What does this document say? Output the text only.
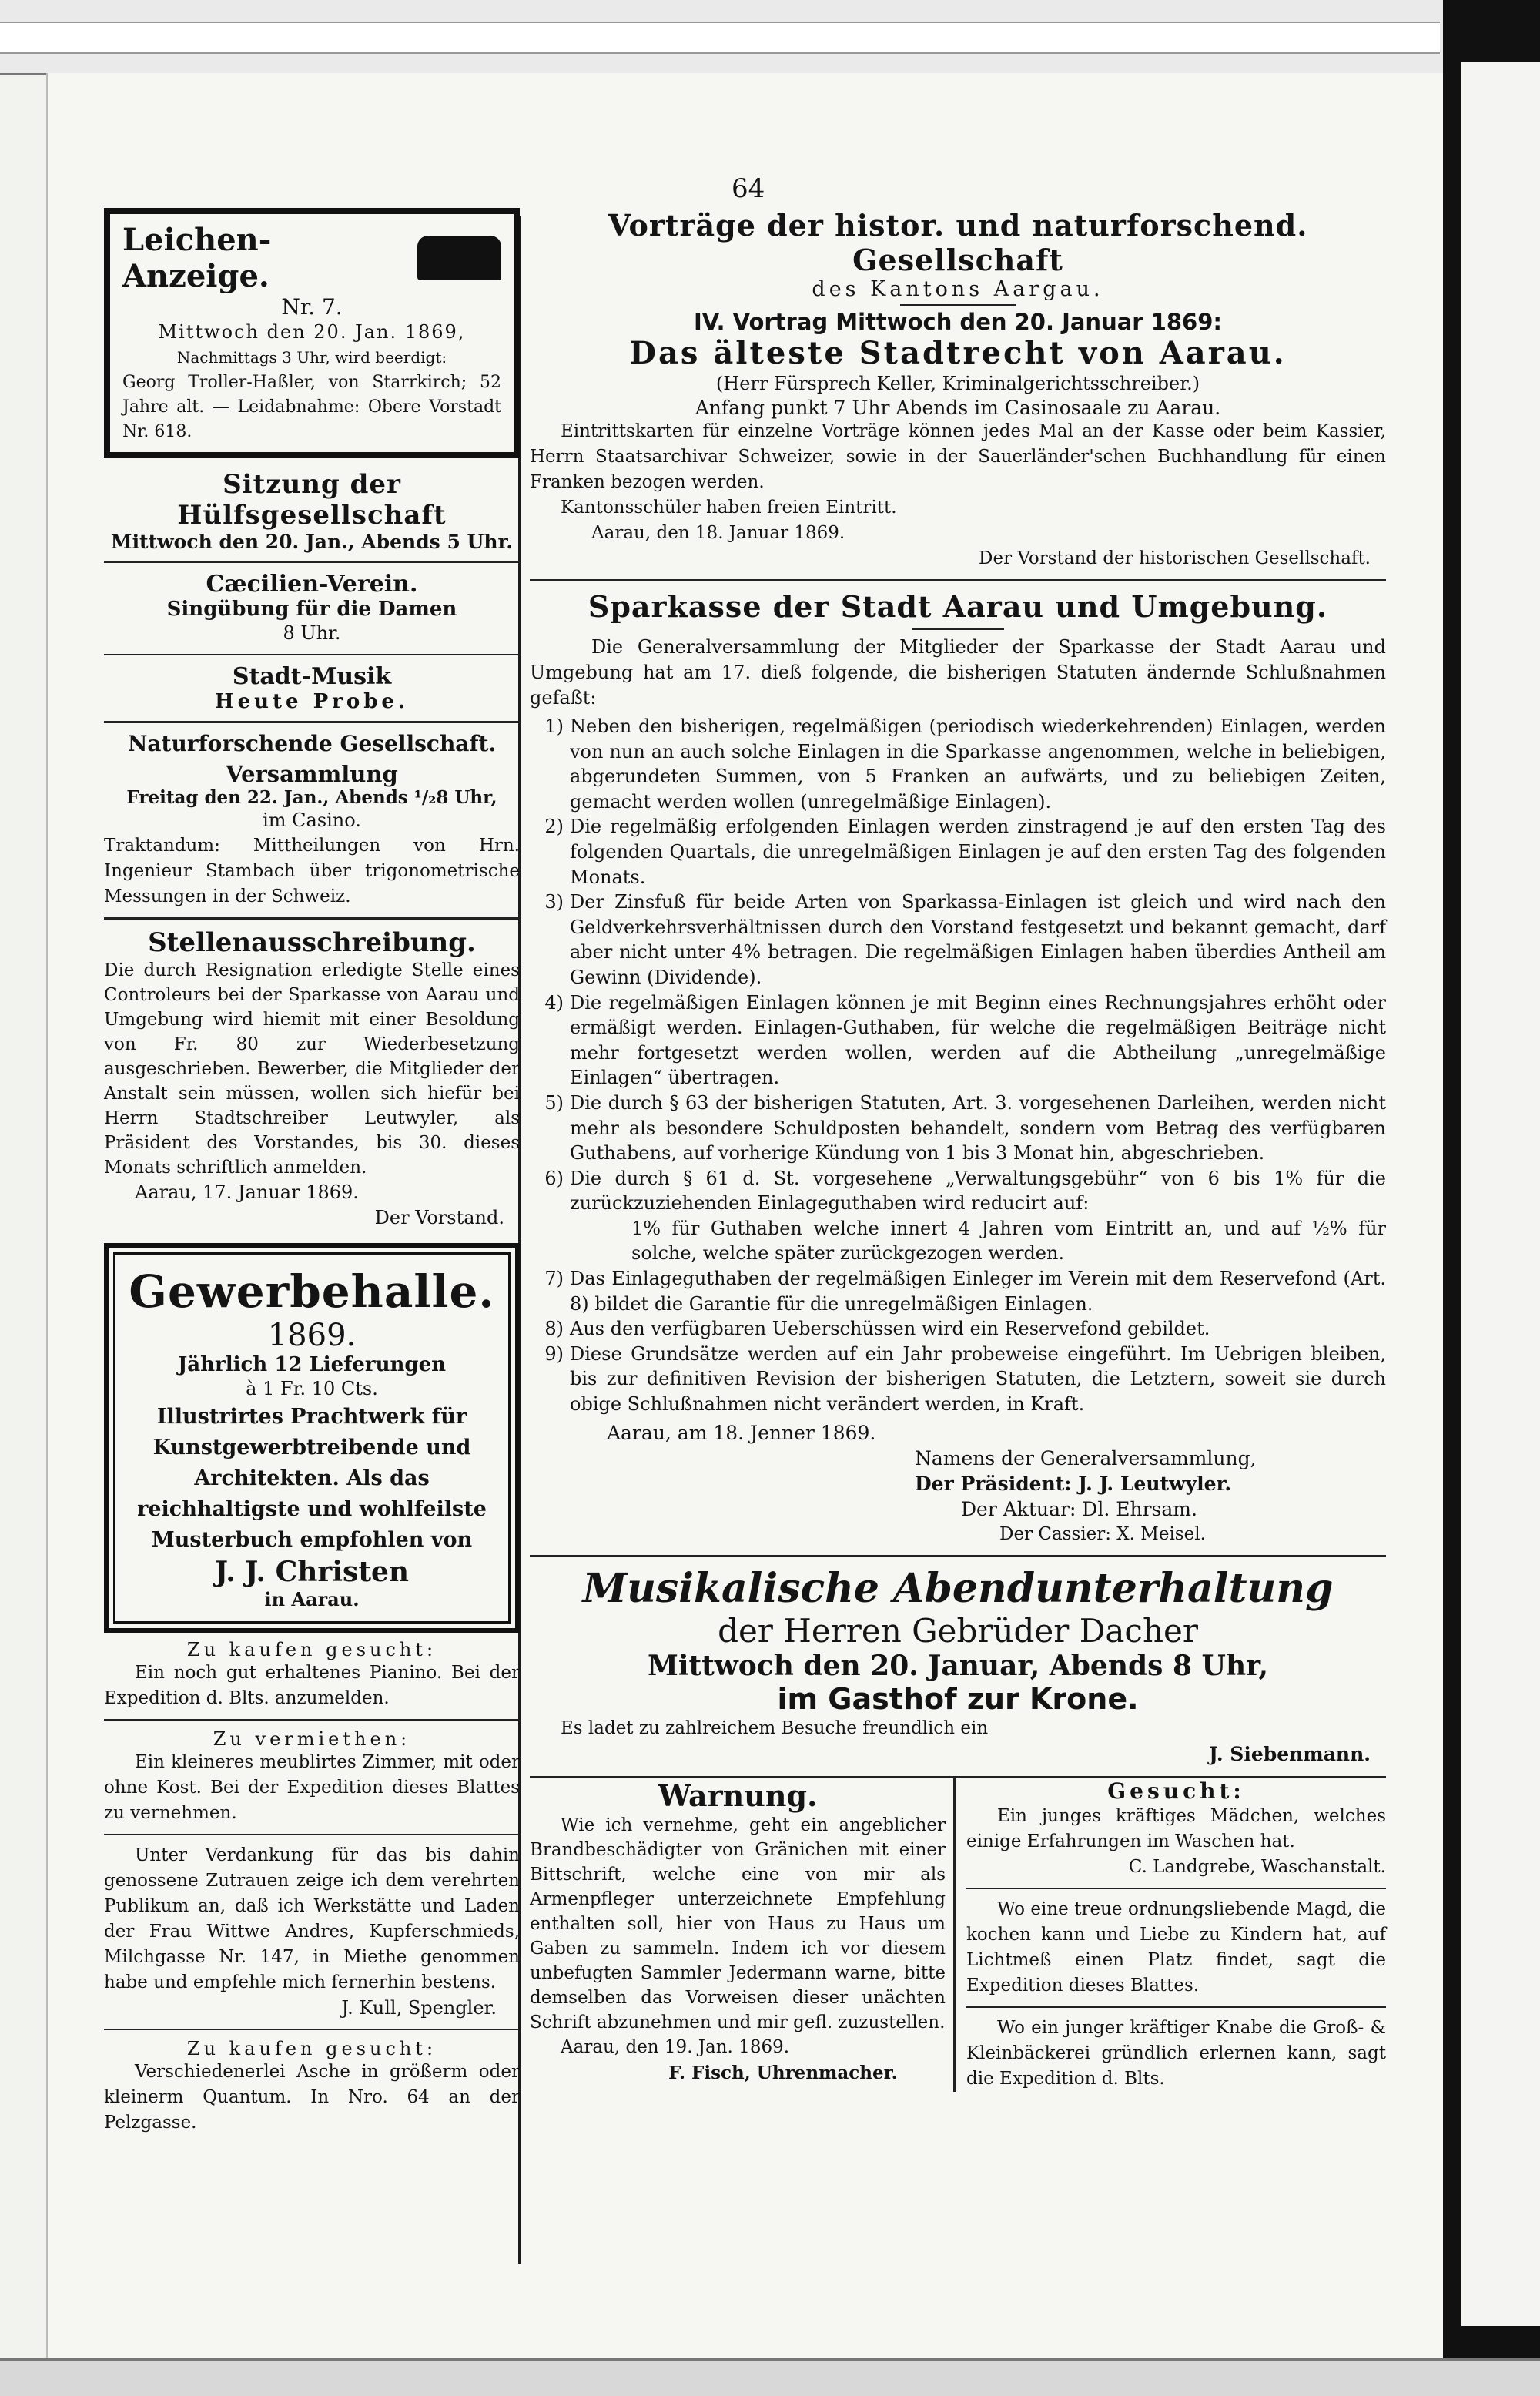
64
Leichen-Anzeige.
Nr. 7.
Mittwoch den 20. Jan. 1869,
Nachmittags 3 Uhr, wird beerdigt:
Georg Troller-Haßler, von Starrkirch; 52 Jahre alt. — Leidabnahme: Obere Vorstadt Nr. 618.
Sitzung der Hülfsgesellschaft
Mittwoch den 20. Jan., Abends 5 Uhr.
Cæcilien-Verein.
Singübung für die Damen
8 Uhr.
Stadt-Musik
Heute Probe.
Naturforschende Gesellschaft.
Versammlung
Freitag den 22. Jan., Abends ¹/₂8 Uhr,
im Casino.
Traktandum: Mittheilungen von Hrn. Ingenieur Stambach über trigonometrische Messungen in der Schweiz.
Stellenausschreibung.
Die durch Resignation erledigte Stelle eines Controleurs bei der Sparkasse von Aarau und Umgebung wird hiemit mit einer Besoldung von Fr. 80 zur Wiederbesetzung ausgeschrieben. Bewerber, die Mitglieder der Anstalt sein müssen, wollen sich hiefür bei Herrn Stadtschreiber Leutwyler, als Präsident des Vorstandes, bis 30. dieses Monats schriftlich anmelden.
Aarau, 17. Januar 1869.
Der Vorstand.
Gewerbehalle.
1869.
Jährlich 12 Lieferungen
à 1 Fr. 10 Cts.
Illustrirtes Prachtwerk für Kunstgewerbtreibende und Architekten. Als das reichhaltigste und wohlfeilste Musterbuch empfohlen von
J. J. Christen
in Aarau.
Zu kaufen gesucht:
Ein noch gut erhaltenes Pianino. Bei der Expedition d. Blts. anzumelden.
Zu vermiethen:
Ein kleineres meublirtes Zimmer, mit oder ohne Kost. Bei der Expedition dieses Blattes zu vernehmen.
Unter Verdankung für das bis dahin genossene Zutrauen zeige ich dem verehrten Publikum an, daß ich Werkstätte und Laden der Frau Wittwe Andres, Kupferschmieds, Milchgasse Nr. 147, in Miethe genommen habe und empfehle mich fernerhin bestens.
J. Kull, Spengler.
Zu kaufen gesucht:
Verschiedenerlei Asche in größerm oder kleinerm Quantum. In Nro. 64 an der Pelzgasse.
Vorträge der histor. und naturforschend. Gesellschaft
des Kantons Aargau.
IV. Vortrag Mittwoch den 20. Januar 1869:
Das älteste Stadtrecht von Aarau.
(Herr Fürsprech Keller, Kriminalgerichtsschreiber.)
Anfang punkt 7 Uhr Abends im Casinosaale zu Aarau.
Eintrittskarten für einzelne Vorträge können jedes Mal an der Kasse oder beim Kassier, Herrn Staatsarchivar Schweizer, sowie in der Sauerländer'schen Buchhandlung für einen Franken bezogen werden.
Kantonsschüler haben freien Eintritt.
Aarau, den 18. Januar 1869.
Der Vorstand der historischen Gesellschaft.
Sparkasse der Stadt Aarau und Umgebung.
Die Generalversammlung der Mitglieder der Sparkasse der Stadt Aarau und Umgebung hat am 17. dieß folgende, die bisherigen Statuten ändernde Schlußnahmen gefaßt:
1) Neben den bisherigen, regelmäßigen (periodisch wiederkehrenden) Einlagen, werden von nun an auch solche Einlagen in die Sparkasse angenommen, welche in beliebigen, abgerundeten Summen, von 5 Franken an aufwärts, und zu beliebigen Zeiten, gemacht werden wollen (unregelmäßige Einlagen).
2) Die regelmäßig erfolgenden Einlagen werden zinstragend je auf den ersten Tag des folgenden Quartals, die unregelmäßigen Einlagen je auf den ersten Tag des folgenden Monats.
3) Der Zinsfuß für beide Arten von Sparkassa-Einlagen ist gleich und wird nach den Geldverkehrsverhältnissen durch den Vorstand festgesetzt und bekannt gemacht, darf aber nicht unter 4% betragen. Die regelmäßigen Einlagen haben überdies Antheil am Gewinn (Dividende).
4) Die regelmäßigen Einlagen können je mit Beginn eines Rechnungsjahres erhöht oder ermäßigt werden. Einlagen-Guthaben, für welche die regelmäßigen Beiträge nicht mehr fortgesetzt werden wollen, werden auf die Abtheilung „unregelmäßige Einlagen“ übertragen.
5) Die durch § 63 der bisherigen Statuten, Art. 3. vorgesehenen Darleihen, werden nicht mehr als besondere Schuldposten behandelt, sondern vom Betrag des verfügbaren Guthabens, auf vorherige Kündung von 1 bis 3 Monat hin, abgeschrieben.
6) Die durch § 61 d. St. vorgesehene „Verwaltungsgebühr“ von 6 bis 1% für die zurückzuziehenden Einlageguthaben wird reducirt auf:
1% für Guthaben welche innert 4 Jahren vom Eintritt an, und auf ½% für solche, welche später zurückgezogen werden.
7) Das Einlageguthaben der regelmäßigen Einleger im Verein mit dem Reservefond (Art. 8) bildet die Garantie für die unregelmäßigen Einlagen.
8) Aus den verfügbaren Ueberschüssen wird ein Reservefond gebildet.
9) Diese Grundsätze werden auf ein Jahr probeweise eingeführt. Im Uebrigen bleiben, bis zur definitiven Revision der bisherigen Statuten, die Letztern, soweit sie durch obige Schlußnahmen nicht verändert werden, in Kraft.
Aarau, am 18. Jenner 1869.
Namens der Generalversammlung,
Der Präsident: J. J. Leutwyler.
Der Aktuar: Dl. Ehrsam.
Der Cassier: X. Meisel.
Musikalische Abendunterhaltung
der Herren Gebrüder Dacher
Mittwoch den 20. Januar, Abends 8 Uhr,
im Gasthof zur Krone.
Es ladet zu zahlreichem Besuche freundlich ein
J. Siebenmann.
Warnung.
Wie ich vernehme, geht ein angeblicher Brandbeschädigter von Gränichen mit einer Bittschrift, welche eine von mir als Armenpfleger unterzeichnete Empfehlung enthalten soll, hier von Haus zu Haus um Gaben zu sammeln. Indem ich vor diesem unbefugten Sammler Jedermann warne, bitte demselben das Vorweisen dieser unächten Schrift abzunehmen und mir gefl. zuzustellen.
Aarau, den 19. Jan. 1869.
F. Fisch, Uhrenmacher.
Gesucht:
Ein junges kräftiges Mädchen, welches einige Erfahrungen im Waschen hat.
C. Landgrebe, Waschanstalt.
Wo eine treue ordnungsliebende Magd, die kochen kann und Liebe zu Kindern hat, auf Lichtmeß einen Platz findet, sagt die Expedition dieses Blattes.
Wo ein junger kräftiger Knabe die Groß- & Kleinbäckerei gründlich erlernen kann, sagt die Expedition d. Blts.
